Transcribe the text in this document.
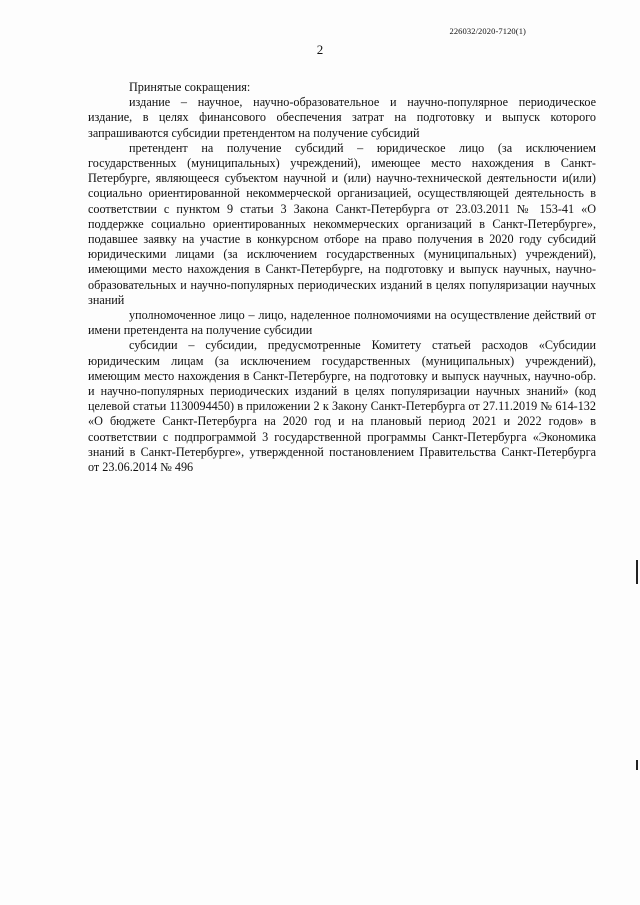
226032/2020-7120(1)
2

Принятые сокращения:

издание – научное, научно-образовательное и научно-популярное периодическое издание, в целях финансового обеспечения затрат на подготовку и выпуск которого запрашиваются субсидии претендентом на получение субсидий

претендент на получение субсидий – юридическое лицо (за исключением государственных (муниципальных) учреждений), имеющее место нахождения в Санкт-Петербурге, являющееся субъектом научной и (или) научно-технической деятельности и(или) социально ориентированной некоммерческой организацией, осуществляющей деятельность в соответствии с пунктом 9 статьи 3 Закона Санкт-Петербурга от 23.03.2011 № 153-41 «О поддержке социально ориентированных некоммерческих организаций в Санкт-Петербурге», подавшее заявку на участие в конкурсном отборе на право получения в 2020 году субсидий юридическими лицами (за исключением государственных (муниципальных) учреждений), имеющими место нахождения в Санкт-Петербурге, на подготовку и выпуск научных, научно-образовательных и научно-популярных периодических изданий в целях популяризации научных знаний

уполномоченное лицо – лицо, наделенное полномочиями на осуществление действий от имени претендента на получение субсидии

субсидии – субсидии, предусмотренные Комитету статьей расходов «Субсидии юридическим лицам (за исключением государственных (муниципальных) учреждений), имеющим место нахождения в Санкт-Петербурге, на подготовку и выпуск научных, научно-обр. и научно-популярных периодических изданий в целях популяризации научных знаний» (код целевой статьи 1130094450) в приложении 2 к Закону Санкт-Петербурга от 27.11.2019 № 614-132 «О бюджете Санкт-Петербурга на 2020 год и на плановый период 2021 и 2022 годов» в соответствии с подпрограммой 3 государственной программы Санкт-Петербурга «Экономика знаний в Санкт-Петербурге», утвержденной постановлением Правительства Санкт-Петербурга от 23.06.2014 № 496
